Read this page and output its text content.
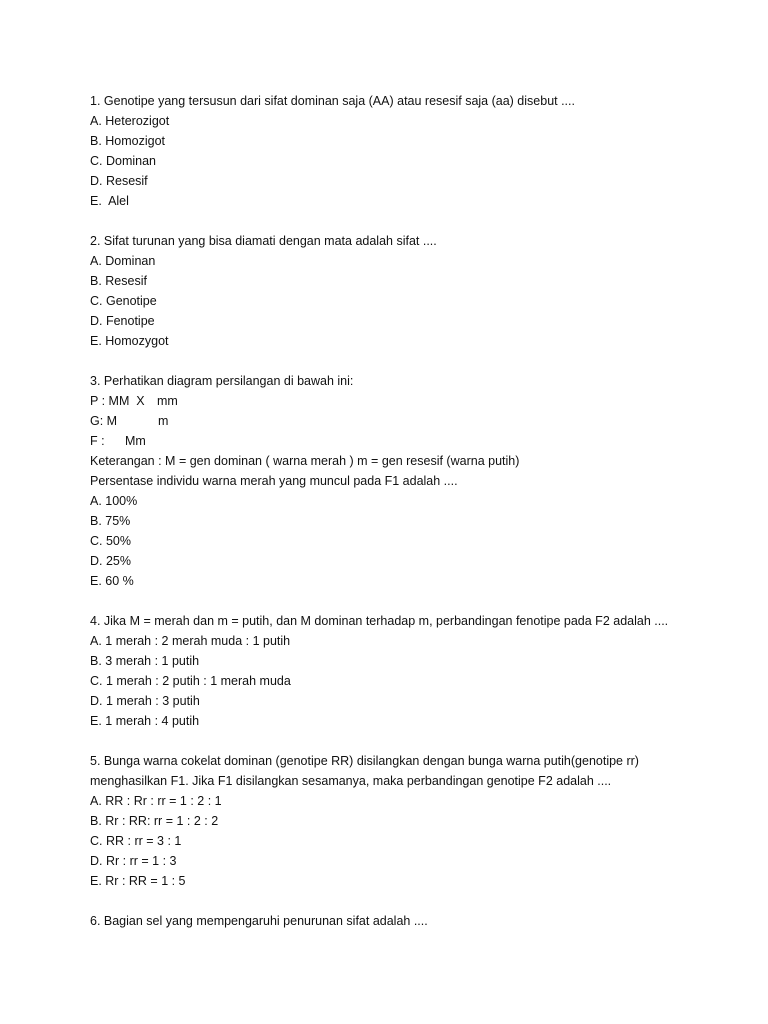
1. Genotipe yang tersusun dari sifat dominan saja (AA) atau resesif saja (aa) disebut ....
A. Heterozigot
B. Homozigot
C. Dominan
D. Resesif
E.  Alel
2. Sifat turunan yang bisa diamati dengan mata adalah sifat ....
A. Dominan
B. Resesif
C. Genotipe
D. Fenotipe
E. Homozygot
3. Perhatikan diagram persilangan di bawah ini:
P : MM  X mm
G: M	m
F : Mm
Keterangan : M = gen dominan ( warna merah ) m = gen resesif (warna putih)
Persentase individu warna merah yang muncul pada F1 adalah ....
A. 100%
B. 75%
C. 50%
D. 25%
E. 60 %
4. Jika M = merah dan m = putih, dan M dominan terhadap m, perbandingan fenotipe pada F2 adalah ....
A. 1 merah : 2 merah muda : 1 putih
B. 3 merah : 1 putih
C. 1 merah : 2 putih : 1 merah muda
D. 1 merah : 3 putih
E. 1 merah : 4 putih
5. Bunga warna cokelat dominan (genotipe RR) disilangkan dengan bunga warna putih(genotipe rr)
menghasilkan F1. Jika F1 disilangkan sesamanya, maka perbandingan genotipe F2 adalah ....
A. RR : Rr : rr = 1 : 2 : 1
B. Rr : RR: rr = 1 : 2 : 2
C. RR : rr = 3 : 1
D. Rr : rr = 1 : 3
E. Rr : RR = 1 : 5
6. Bagian sel yang mempengaruhi penurunan sifat adalah ....
